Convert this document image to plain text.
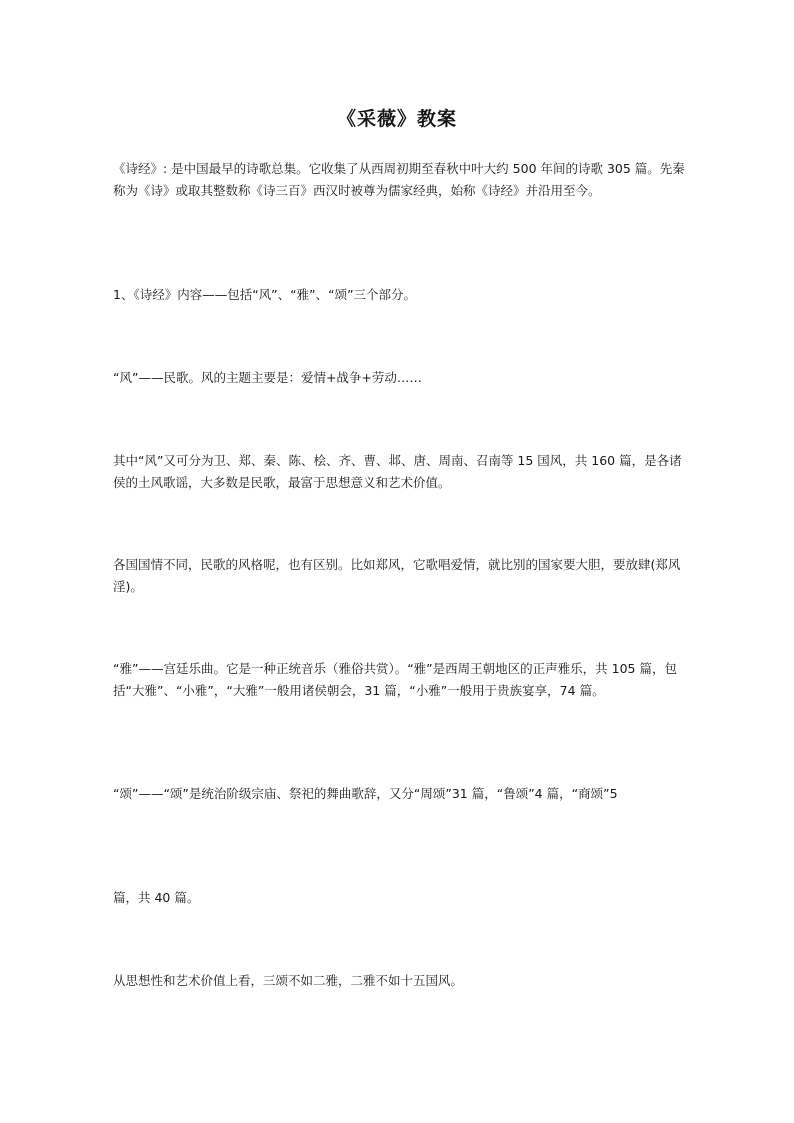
《采薇》教案
《诗经》: 是中国最早的诗歌总集。它收集了从西周初期至春秋中叶大约 500 年间的诗歌 305 篇。先秦称为《诗》或取其整数称《诗三百》西汉时被尊为儒家经典，始称《诗经》并沿用至今。
1、《诗经》内容——包括“风”、“雅”、“颂”三个部分。
“风”——民歌。风的主题主要是：爱情+战争+劳动……
其中“风”又可分为卫、郑、秦、陈、桧、齐、曹、邶、唐、周南、召南等 15 国风，共 160 篇，是各诸侯的土风歌谣，大多数是民歌，最富于思想意义和艺术价值。
各国国情不同，民歌的风格呢，也有区别。比如郑风，它歌唱爱情，就比别的国家要大胆，要放肆(郑风淫)。
“雅”——宫廷乐曲。它是一种正统音乐（雅俗共赏）。“雅”是西周王朝地区的正声雅乐，共 105 篇，包括“大雅”、“小雅”，“大雅”一般用诸侯朝会，31 篇，“小雅”一般用于贵族宴享，74 篇。
“颂”——“颂”是统治阶级宗庙、祭祀的舞曲歌辞，又分“周颂”31 篇，“鲁颂”4 篇，“商颂”5
篇，共 40 篇。
从思想性和艺术价值上看，三颂不如二雅，二雅不如十五国风。
